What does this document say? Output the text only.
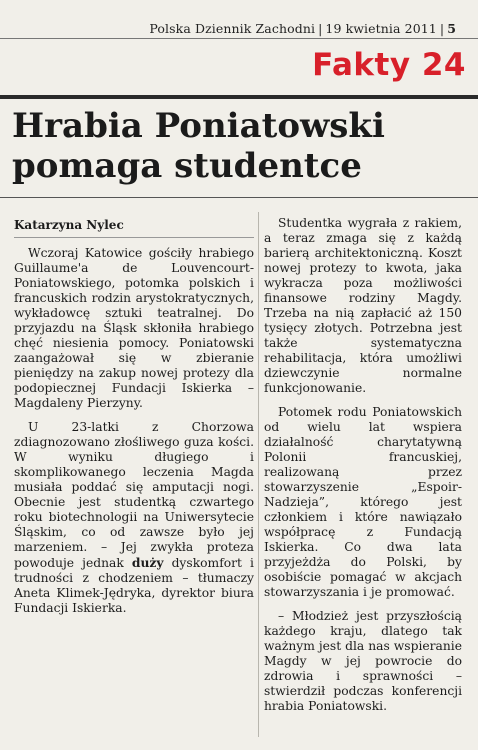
Polska Dziennik Zachodni | 19 kwietnia 2011 | 5
Fakty 24
Hrabia Poniatowski
pomaga studentce
Katarzyna Nylec

Wczoraj Katowice gościły hrabiego Guillaume'a de Louvencourt-Poniatowskiego, potomka polskich i francuskich rodzin arystokratycznych, wykładowcę sztuki teatralnej. Do przyjazdu na Śląsk skłoniła hrabiego chęć niesienia pomocy. Poniatowski zaangażował się w zbieranie pieniędzy na zakup nowej protezy dla podopiecznej Fundacji Iskierka – Magdaleny Pierzyny.

U 23-latki z Chorzowa zdiagnozowano złośliwego guza kości. W wyniku długiego i skomplikowanego leczenia Magda musiała poddać się amputacji nogi. Obecnie jest studentką czwartego roku biotechnologii na Uniwersytecie Śląskim, co od zawsze było jej marzeniem. – Jej zwykła proteza powoduje jednak duży dyskomfort i trudności z chodzeniem – tłumaczy Aneta Klimek-Jędryka, dyrektor biura Fundacji Iskierka.

Studentka wygrała z rakiem, a teraz zmaga się z każdą barierą architektoniczną. Koszt nowej protezy to kwota, jaka wykracza poza możliwości finansowe rodziny Magdy. Trzeba na nią zapłacić aż 150 tysięcy złotych. Potrzebna jest także systematyczna rehabilitacja, która umożliwi dziewczynie normalne funkcjonowanie.

Potomek rodu Poniatowskich od wielu lat wspiera działalność charytatywną Polonii francuskiej, realizowaną przez stowarzyszenie „Espoir-Nadzieja”, którego jest członkiem i które nawiązało współpracę z Fundacją Iskierka. Co dwa lata przyjeżdża do Polski, by osobiście pomagać w akcjach stowarzyszania i je promować.

– Młodzież jest przyszłością każdego kraju, dlatego tak ważnym jest dla nas wspieranie Magdy w jej powrocie do zdrowia i sprawności – stwierdził podczas konferencji hrabia Poniatowski.
